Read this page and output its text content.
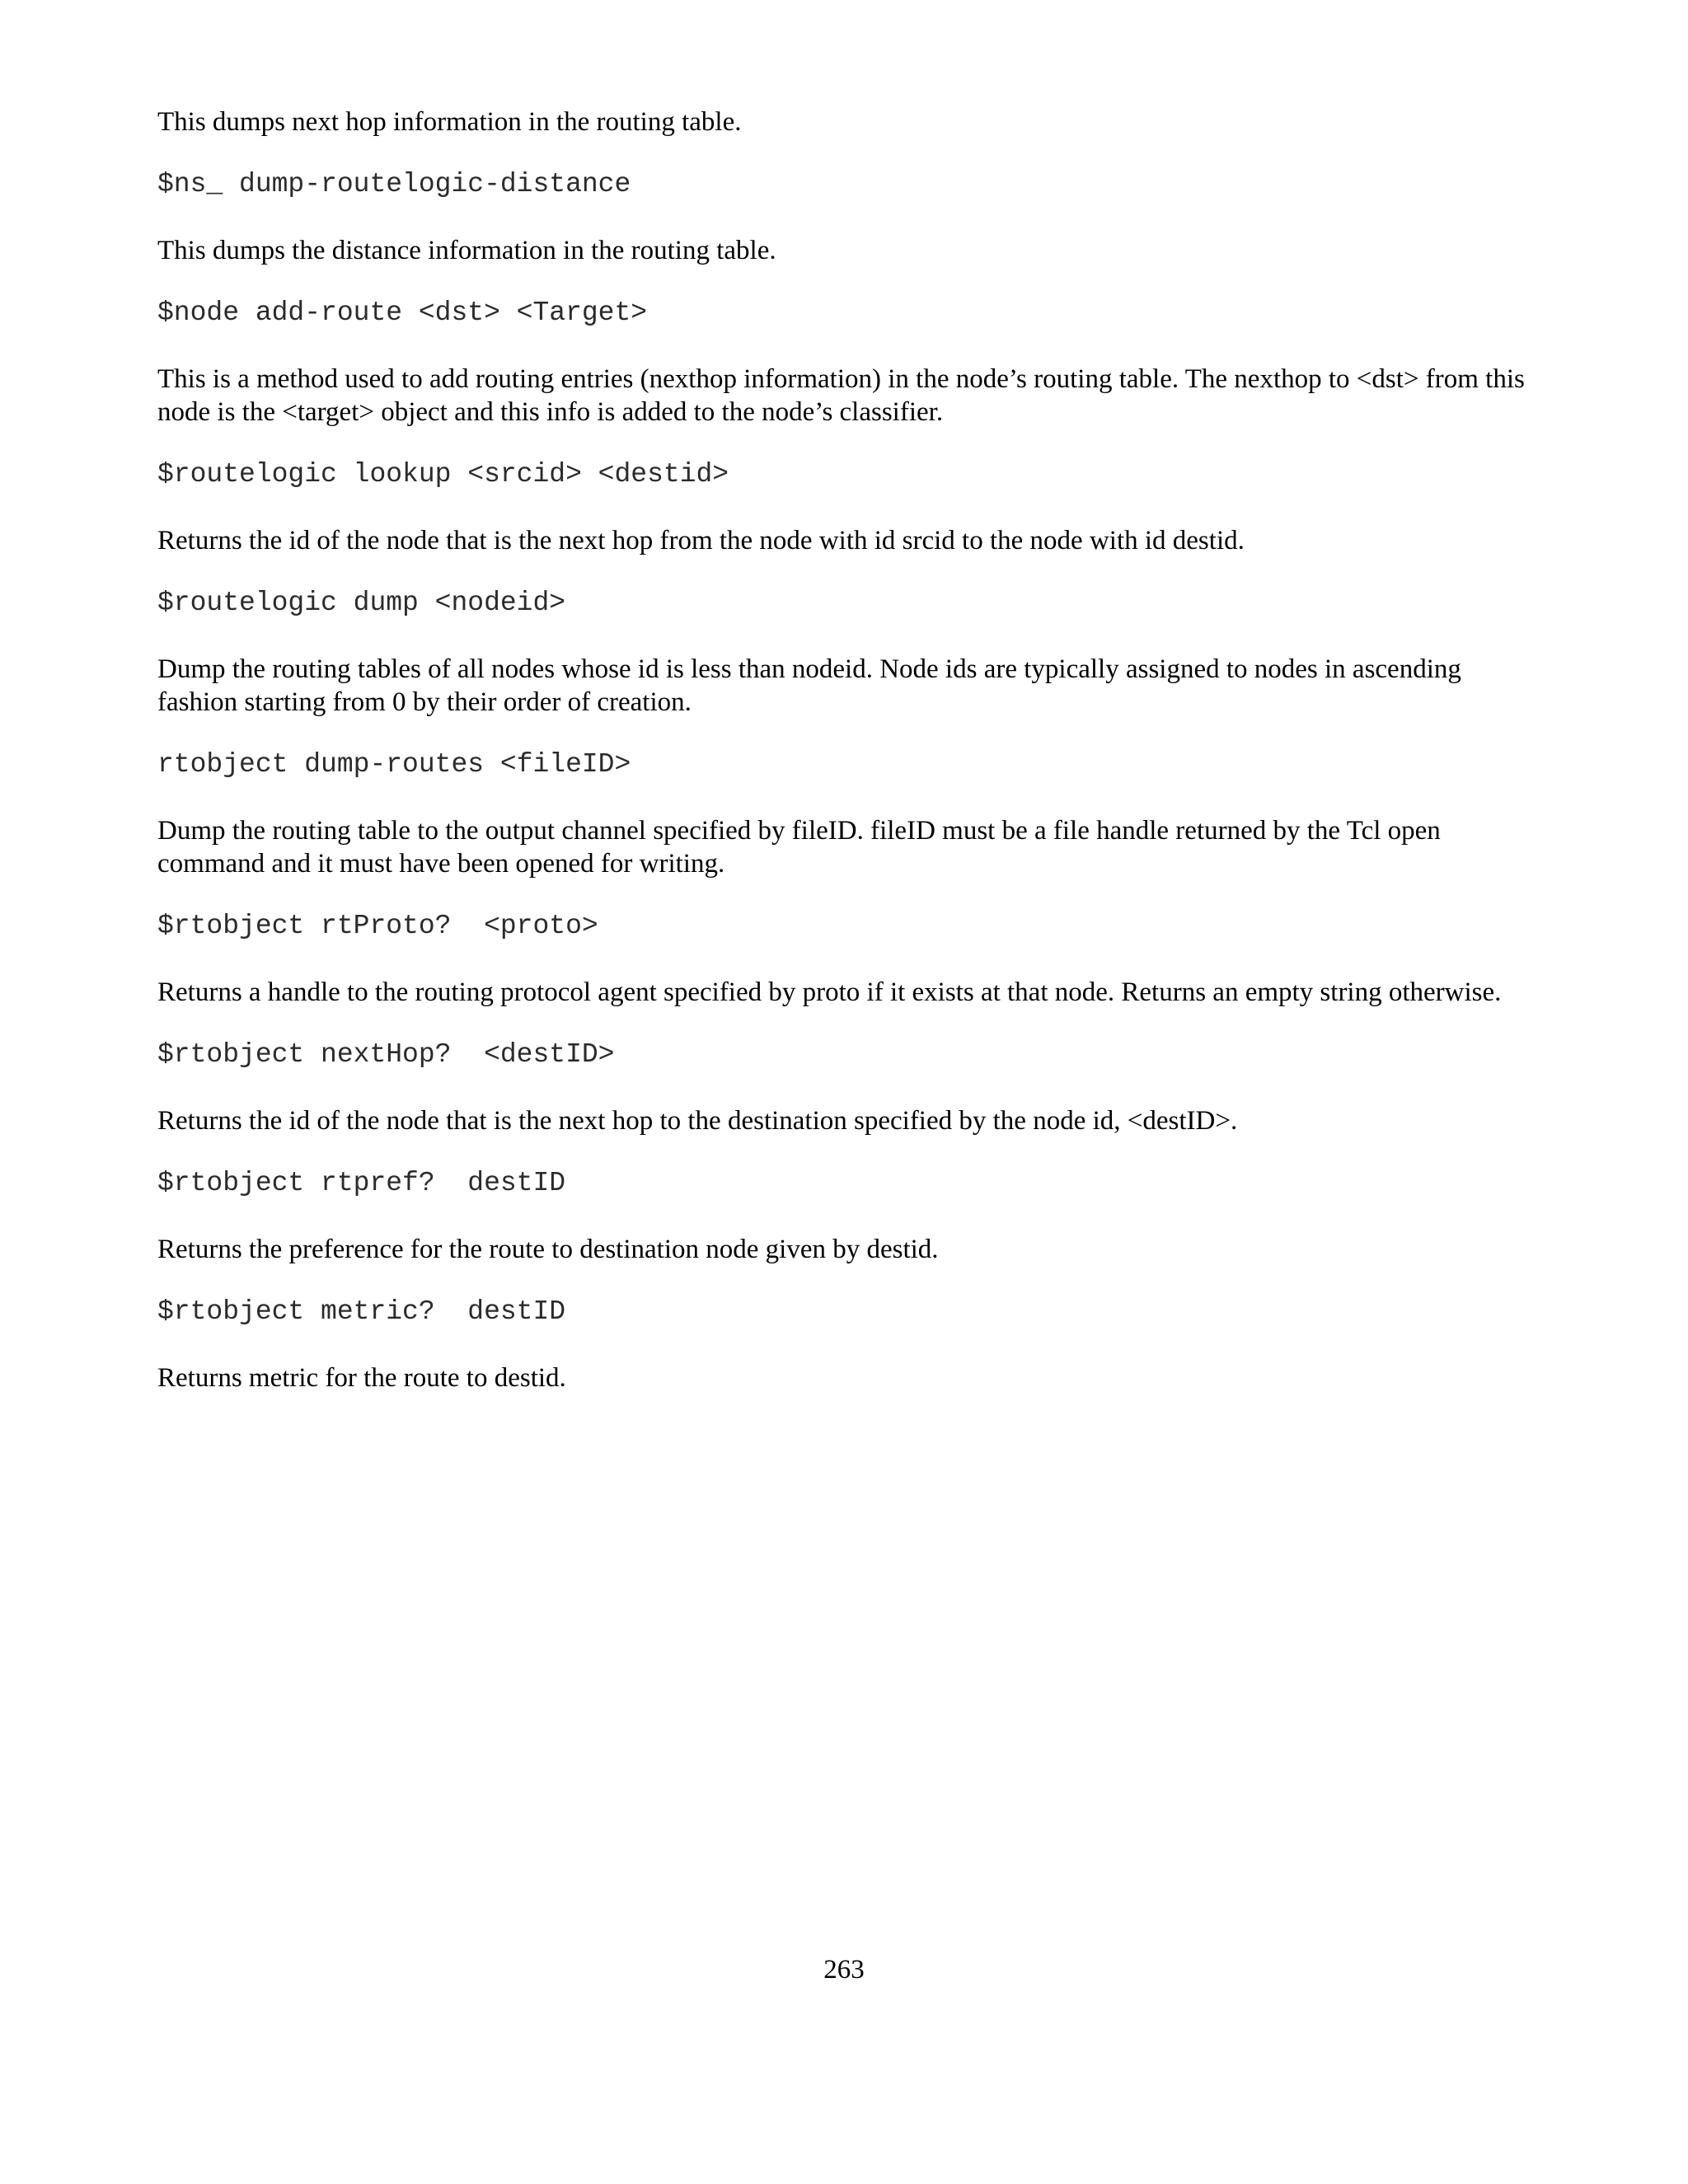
This dumps next hop information in the routing table.

$ns_ dump-routelogic-distance

This dumps the distance information in the routing table.

$node add-route <dst> <Target>

This is a method used to add routing entries (nexthop information) in the node’s routing table. The nexthop to <dst> from this node is the <target> object and this info is added to the node’s classifier.

$routelogic lookup <srcid> <destid>

Returns the id of the node that is the next hop from the node with id srcid to the node with id destid.

$routelogic dump <nodeid>

Dump the routing tables of all nodes whose id is less than nodeid. Node ids are typically assigned to nodes in ascending fashion starting from 0 by their order of creation.

rtobject dump-routes <fileID>

Dump the routing table to the output channel specified by fileID. fileID must be a file handle returned by the Tcl open command and it must have been opened for writing.

$rtobject rtProto?  <proto>

Returns a handle to the routing protocol agent specified by proto if it exists at that node. Returns an empty string otherwise.

$rtobject nextHop?  <destID>

Returns the id of the node that is the next hop to the destination specified by the node id, <destID>.

$rtobject rtpref?  destID

Returns the preference for the route to destination node given by destid.

$rtobject metric?  destID

Returns metric for the route to destid.

263
